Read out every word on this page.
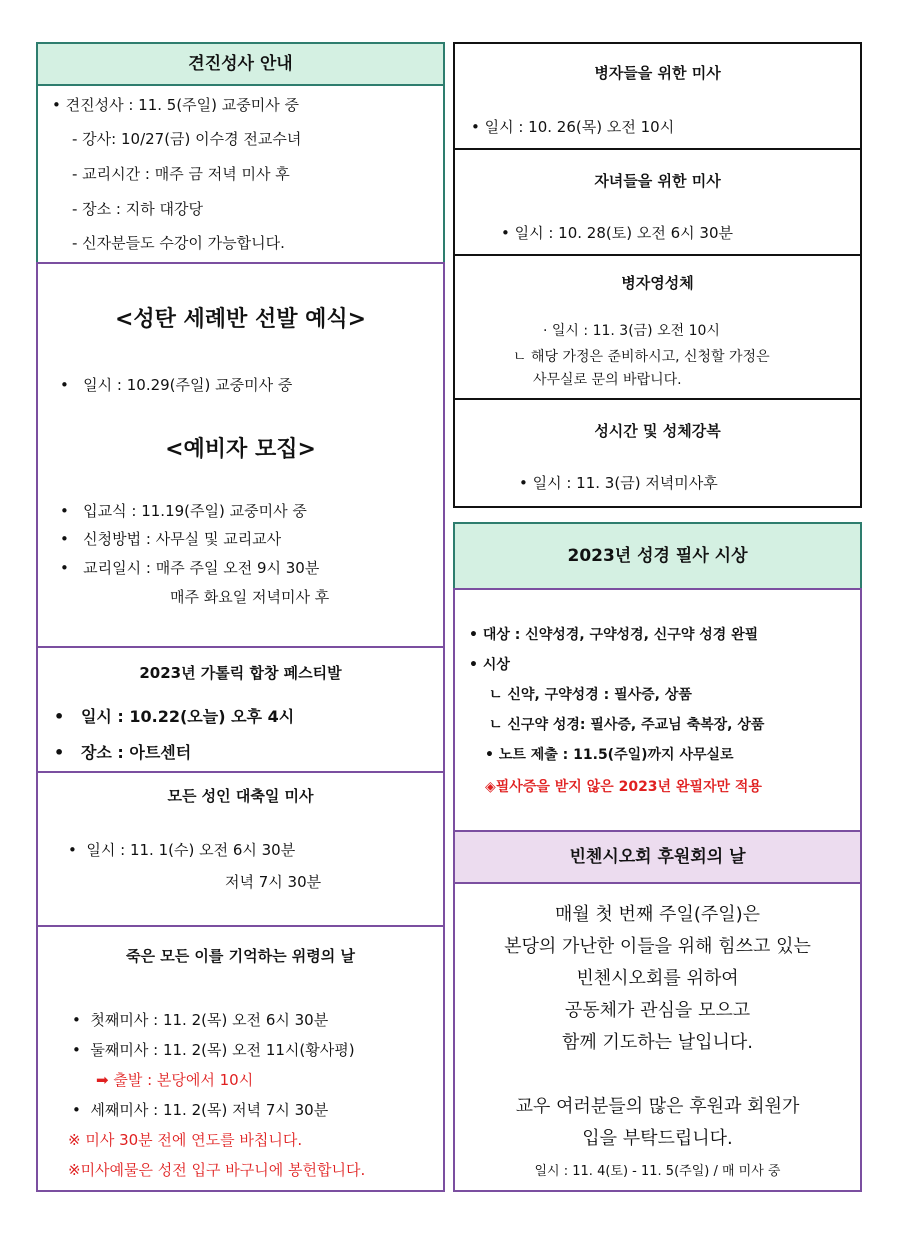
견진성사 안내
• 견진성사 : 11. 5(주일) 교중미사 중
- 강사: 10/27(금) 이수경 전교수녀
- 교리시간 : 매주 금 저녁 미사 후
- 장소 : 지하 대강당
- 신자분들도 수강이 가능합니다.
<성탄 세례반 선발 예식>
•   일시 : 10.29(주일) 교중미사 중
<예비자 모집>
•   입교식 : 11.19(주일) 교중미사 중
•   신청방법 : 사무실 및 교리교사
•   교리일시 : 매주 주일 오전 9시 30분
매주 화요일 저녁미사 후
2023년 가톨릭 합창 페스티발
•   일시 : 10.22(오늘) 오후 4시
•   장소 : 아트센터
모든 성인 대축일 미사
•  일시 : 11. 1(수) 오전 6시 30분
저녁 7시 30분
죽은 모든 이를 기억하는 위령의 날
•  첫째미사 : 11. 2(목) 오전 6시 30분
•  둘째미사 : 11. 2(목) 오전 11시(황사평)
➡ 출발 : 본당에서 10시
•  세째미사 : 11. 2(목) 저녁 7시 30분
※ 미사 30분 전에 연도를 바칩니다.
※미사예물은 성전 입구 바구니에 봉헌합니다.
병자들을 위한 미사
• 일시 : 10. 26(목) 오전 10시
자녀들을 위한 미사
• 일시 : 10. 28(토) 오전 6시 30분
병자영성체
· 일시 : 11. 3(금) 오전 10시
ㄴ 해당 가정은 준비하시고, 신청할 가정은
사무실로 문의 바랍니다.
성시간 및 성체강복
• 일시 : 11. 3(금) 저녁미사후
2023년 성경 필사 시상
• 대상 : 신약성경, 구약성경, 신구약 성경 완필
• 시상
ㄴ 신약, 구약성경 : 필사증, 상품
ㄴ 신구약 성경: 필사증, 주교님 축복장, 상품
• 노트 제출 : 11.5(주일)까지 사무실로
◈필사증을 받지 않은 2023년 완필자만 적용
빈첸시오회 후원회의 날
매월 첫 번째 주일(주일)은
본당의 가난한 이들을 위해 힘쓰고 있는
빈첸시오회를 위하여
공동체가 관심을 모으고
함께 기도하는 날입니다.
교우 여러분들의 많은 후원과 회원가
입을 부탁드립니다.
일시 : 11. 4(토) - 11. 5(주일) / 매 미사 중
